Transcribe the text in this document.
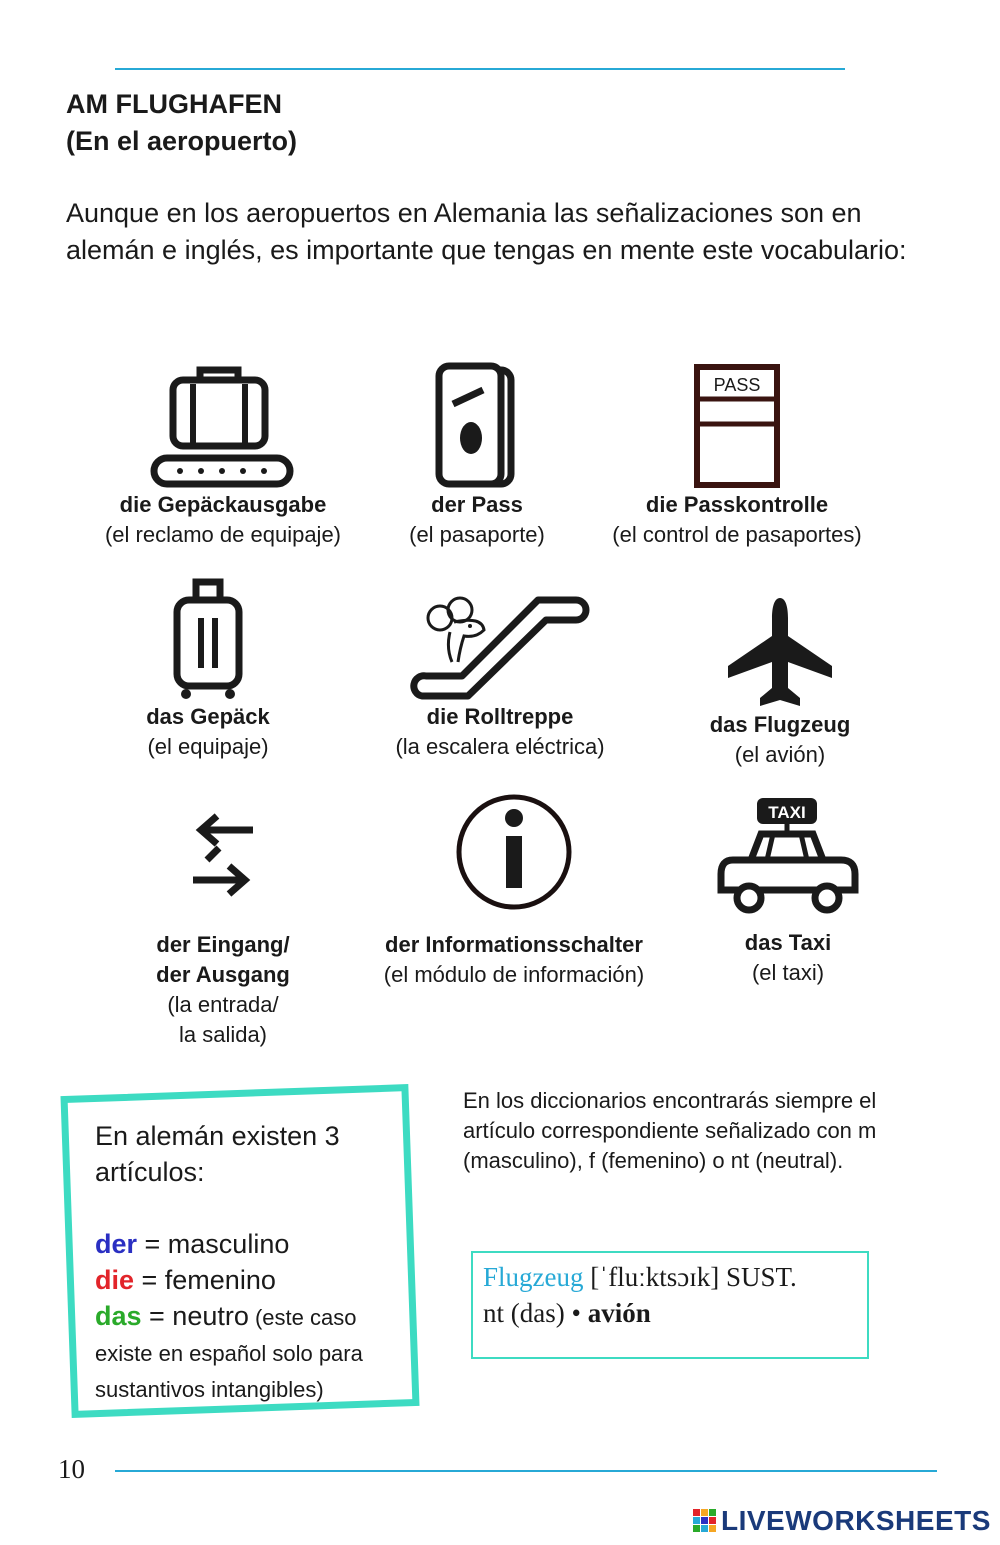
AM FLUGHAFEN
(En el aeropuerto)
Aunque en los aeropuertos en Alemania las señalizaciones son en alemán e inglés, es importante que tengas en mente este vocabulario:
die Gepäckausgabe
(el reclamo de equipaje)
der Pass
(el pasaporte)
PASS
die Passkontrolle
(el control de pasaportes)
das Gepäck
(el equipaje)
die Rolltreppe
(la escalera eléctrica)
das Flugzeug
(el avión)
der Eingang/
der Ausgang
(la entrada/
la salida)
der Informationsschalter
(el módulo de información)
TAXI
das Taxi
(el taxi)
En alemán existen 3 artículos:
der = masculino
die = femenino
das = neutro (este caso existe en español solo para sustantivos intangibles)
En los diccionarios encontrarás siempre el artículo correspondiente señalizado con m (masculino), f (femenino) o nt (neutral).
Flugzeug [ˈfluːktsɔɪk] SUST.
nt (das) • avión
10
LIVEWORKSHEETS
